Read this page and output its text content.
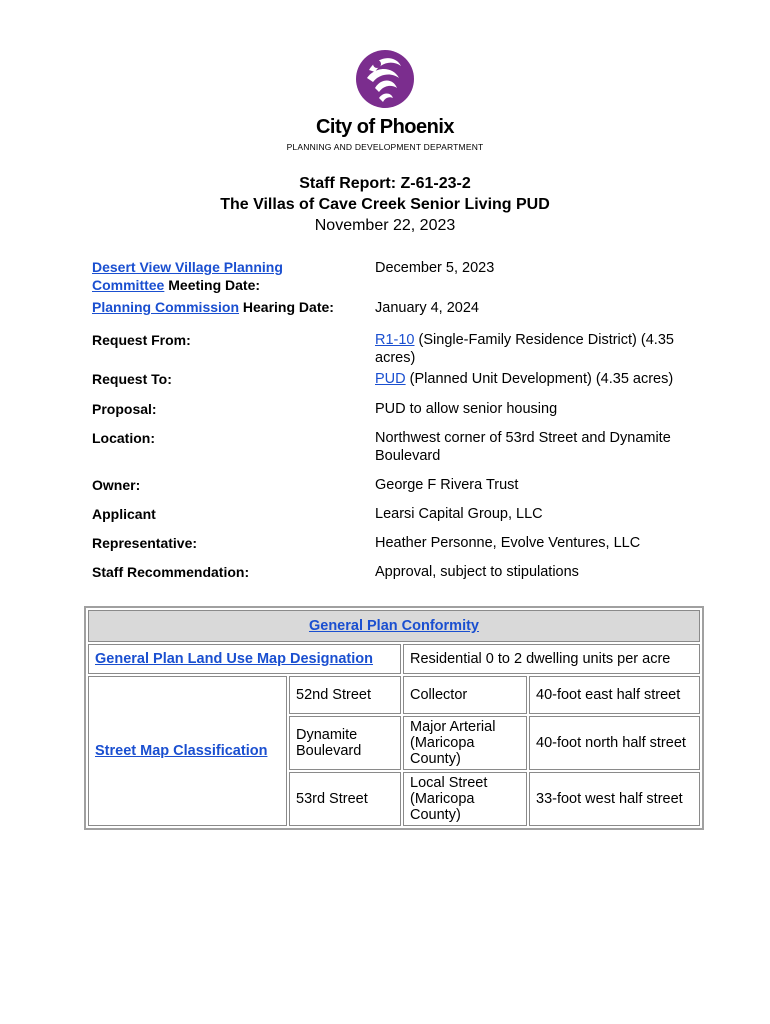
City of Phoenix
PLANNING AND DEVELOPMENT DEPARTMENT
Staff Report: Z-61-23-2
The Villas of Cave Creek Senior Living PUD
November 22, 2023
Desert View Village Planning
Committee Meeting Date:
December 5, 2023
Planning Commission Hearing Date:	January 4, 2024
Request From:	R1-10 (Single-Family Residence District) (4.35 acres)
Request To:	PUD (Planned Unit Development) (4.35 acres)
Proposal:	PUD to allow senior housing
Location:	Northwest corner of 53rd Street and Dynamite Boulevard
Owner:	George F Rivera Trust
Applicant	Learsi Capital Group, LLC
Representative:	Heather Personne, Evolve Ventures, LLC
Staff Recommendation:	Approval, subject to stipulations
General Plan Conformity			
General Plan Land Use Map Designation		Residential 0 to 2 dwelling units per acre	
Street Map Classification	52nd Street	Collector	40-foot east half street
	Dynamite Boulevard	Major Arterial (Maricopa County)	40-foot north half street
	53rd Street	Local Street (Maricopa County)	33-foot west half street
